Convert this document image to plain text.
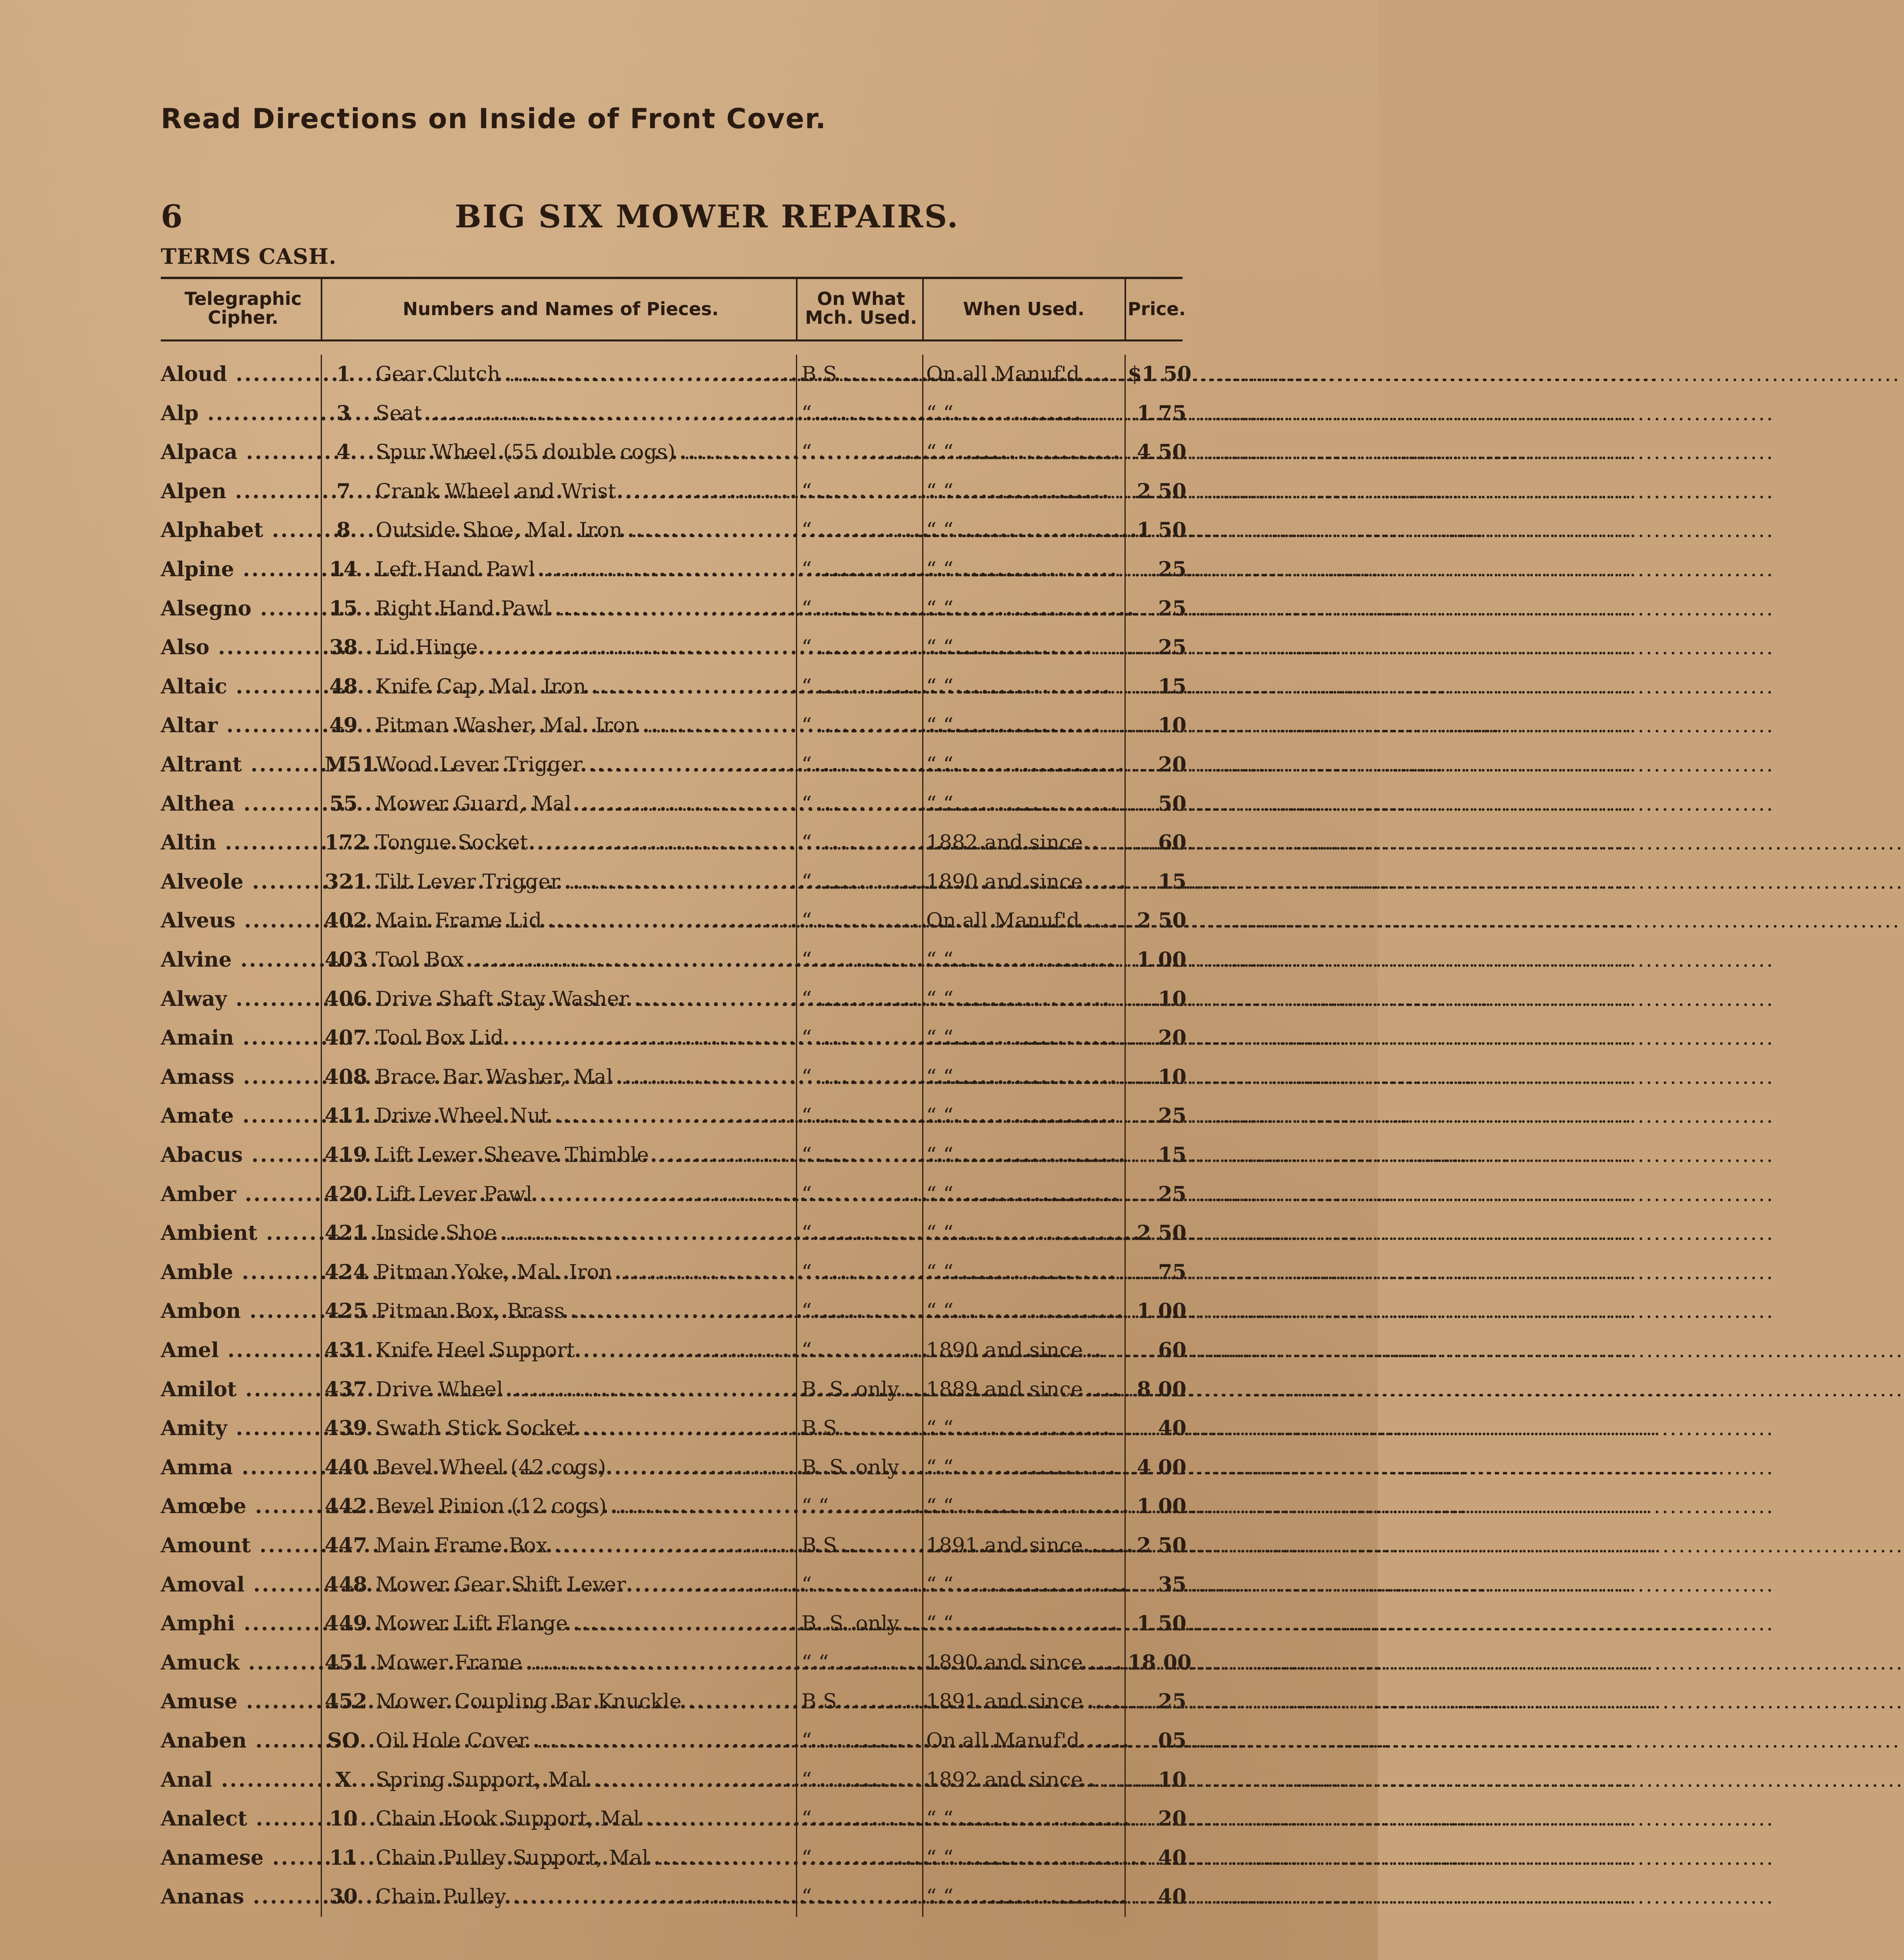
Read Directions on Inside of Front Cover.
6	BIG SIX MOWER REPAIRS.
TERMS CASH.
Telegraphic Cipher.	Numbers and Names of Pieces.	On What Mch. Used.	When Used.	Price.
Aloud .....	1	Gear Clutch .....	B.S .....	On all Manuf'd .....	$1 50
Alp .....	3	Seat .....	“ .....	“ “ .....	1 75
Alpaca .....	4	Spur Wheel (55 double cogs) .....	“ .....	“ “ .....	4 50
Alpen .....	7	Crank Wheel and Wrist .....	“ .....	“ “ .....	2 50
Alphabet .....	8	Outside Shoe, Mal. Iron .....	“ .....	“ “ .....	1 50
Alpine .....	14 Left Hand Pawl .....	“ .....	“ “ .....	25
Alsegno .....	15 Right Hand Pawl .....	“ .....	“ “ .....	25
Also .....	38 Lid Hinge .....	“ .....	“ “ .....	25
Altaic .....	48 Knife Cap, Mal. Iron .....	“ .....	“ “ .....	15
Altar .....	49 Pitman Washer, Mal. Iron .....	“ .....	“ “ .....	10
Altrant .....	M51 Wood Lever Trigger .....	“ .....	“ “ .....	20
Althea .....	55 Mower Guard, Mal .....	“ .....	“ “ .....	50
Altin .....	172 Tongue Socket .....	“ .....	1882 and since .....	60
Alveole .....	321 Tilt Lever Trigger .....	“ .....	1890 and since .....	15
Alveus .....	402 Main Frame Lid .....	“ .....	On all Manuf'd .....	2 50
Alvine .....	403 Tool Box .....	“ .....	“ “ .....	1 00
Alway .....	406 Drive Shaft Stay Washer .....	“ .....	“ “ .....	10
Amain .....	407 Tool Box Lid .....	“ .....	“ “ .....	20
Amass .....	408 Brace Bar Washer, Mal .....	“ .....	“ “ .....	10
Amate .....	411 Drive Wheel Nut .....	“ .....	“ “ .....	25
Abacus .....	419 Lift Lever Sheave Thimble .....	“ .....	“ “ .....	15
Amber .....	420 Lift Lever Pawl .....	“ .....	“ “ .....	25
Ambient .....	421 Inside Shoe .....	“ .....	“ “ .....	2 50
Amble .....	424 Pitman Yoke, Mal. Iron .....	“ .....	“ “ .....	75
Ambon .....	425 Pitman Box, Brass .....	“ .....	“ “ .....	1 00
Amel .....	431 Knife Heel Support .....	“ .....	1890 and since .....	60
Amilot .....	437 Drive Wheel .....	B. S. only .....	1889 and since .....	8 00
Amity .....	439 Swath Stick Socket .....	B.S .....	“ “ .....	40
Amma .....	440 Bevel Wheel (42 cogs) .....	B. S. only .....	“ “ .....	4 00
Amœbe .....	442 Bevel Pinion (12 cogs) .....	“ “ .....	“ “ .....	1 00
Amount .....	447 Main Frame Box .....	B.S .....	1891 and since .....	2 50
Amoval .....	448 Mower Gear Shift Lever .....	“ .....	“ “ .....	35
Amphi .....	449 Mower Lift Flange .....	B. S. only .....	“ “ .....	1 50
Amuck .....	451 Mower Frame .....	“ “ .....	1890 and since .....	18 00
Amuse .....	452 Mower Coupling Bar Knuckle .....	B.S .....	1891 and since .....	25
Anaben .....	SO Oil Hole Cover .....	“ .....	On all Manuf'd .....	05
Anal .....	X	Spring Support, Mal .....	“ .....	1892 and since .....	10
Analect .....	10 Chain Hook Support, Mal .....	“ .....	“ “ .....	20
Anamese .....	11 Chain Pulley Support, Mal .....	“ .....	“ “ .....	40
Ananas .....	30 Chain Pulley .....	“ .....	“ “ .....	40
